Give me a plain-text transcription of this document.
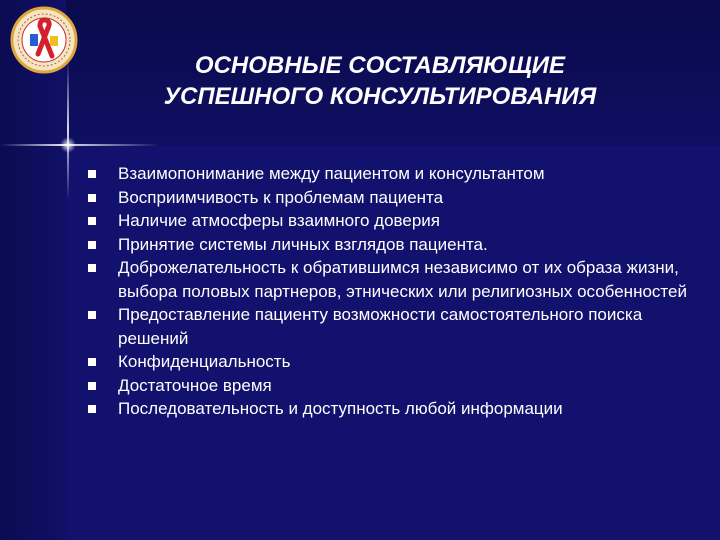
ОСНОВНЫЕ СОСТАВЛЯЮЩИЕ
УСПЕШНОГО КОНСУЛЬТИРОВАНИЯ
Взаимопонимание между пациентом и консультантом
Восприимчивость к проблемам пациента
Наличие атмосферы взаимного доверия
Принятие системы личных взглядов пациента.
Доброжелательность к обратившимся независимо от их образа жизни, выбора половых партнеров, этнических или религиозных особенностей
Предоставление пациенту возможности самостоятельного поиска решений
Конфиденциальность
Достаточное время
Последовательность и доступность любой информации
